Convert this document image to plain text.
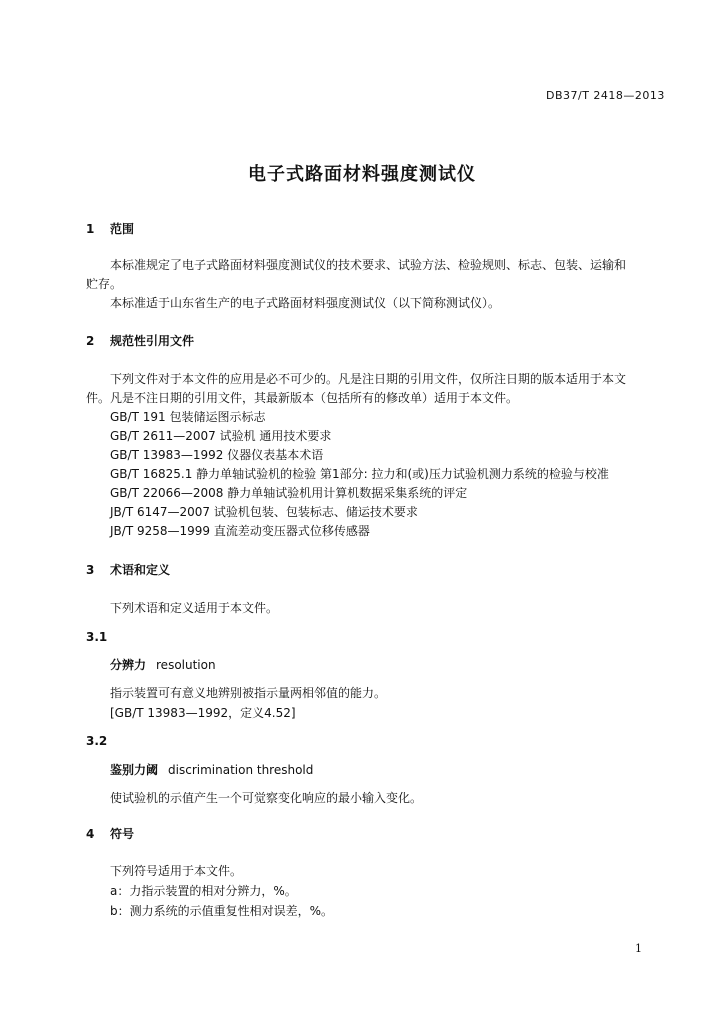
DB37/T 2418—2013
电子式路面材料强度测试仪
1 范围
本标准规定了电子式路面材料强度测试仪的技术要求、试验方法、检验规则、标志、包装、运输和
贮存。
本标准适于山东省生产的电子式路面材料强度测试仪（以下简称测试仪）。
2 规范性引用文件
下列文件对于本文件的应用是必不可少的。凡是注日期的引用文件，仅所注日期的版本适用于本文
件。凡是不注日期的引用文件，其最新版本（包括所有的修改单）适用于本文件。
GB/T 191 包装储运图示标志
GB/T 2611—2007 试验机 通用技术要求
GB/T 13983—1992 仪器仪表基本术语
GB/T 16825.1 静力单轴试验机的检验 第1部分: 拉力和(或)压力试验机测力系统的检验与校准
GB/T 22066—2008 静力单轴试验机用计算机数据采集系统的评定
JB/T 6147—2007 试验机包装、包装标志、储运技术要求
JB/T 9258—1999 直流差动变压器式位移传感器
3 术语和定义
下列术语和定义适用于本文件。
3.1
分辨力 resolution
指示装置可有意义地辨别被指示量两相邻值的能力。
[GB/T 13983—1992，定义4.52]
3.2
鉴别力阈 discrimination threshold
使试验机的示值产生一个可觉察变化响应的最小输入变化。
4 符号
下列符号适用于本文件。
a：力指示装置的相对分辨力，%。
b：测力系统的示值重复性相对误差，%。
1
